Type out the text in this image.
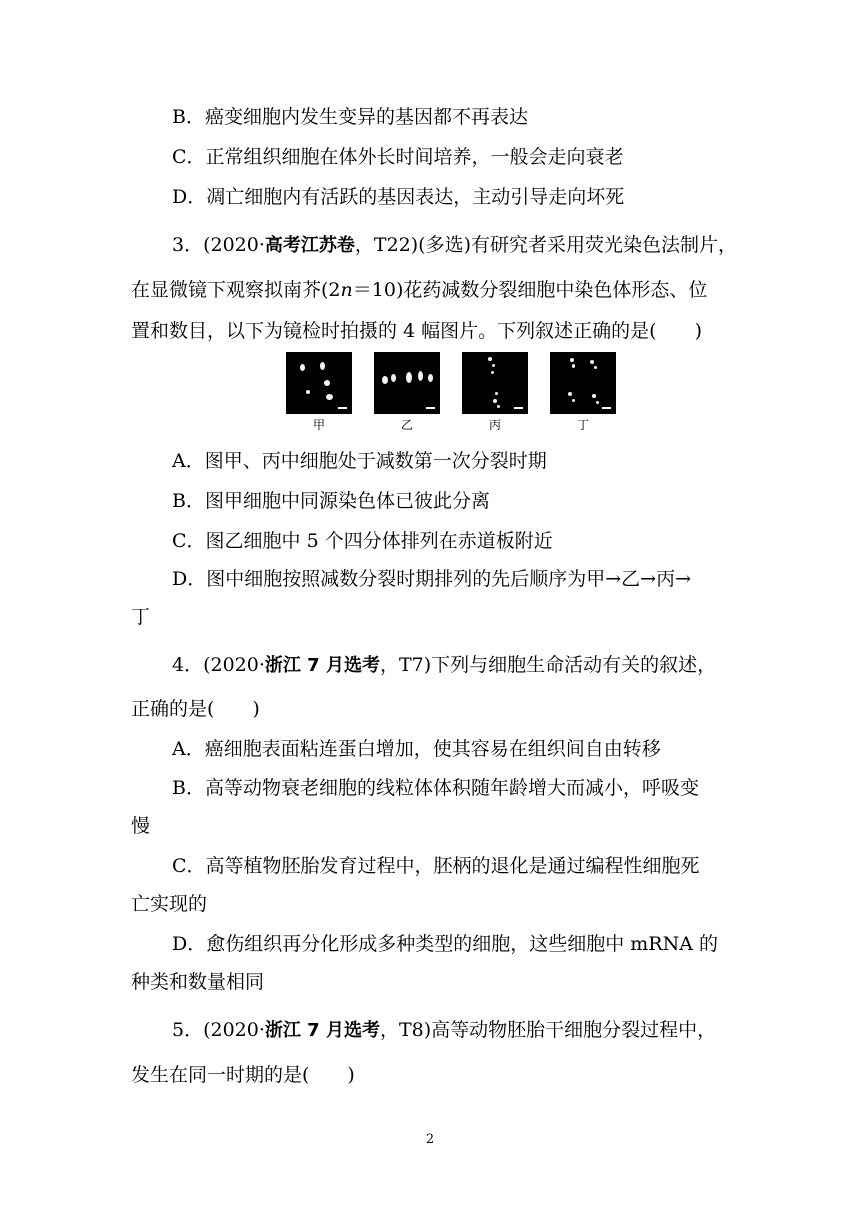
B．癌变细胞内发生变异的基因都不再表达
C．正常组织细胞在体外长时间培养，一般会走向衰老
D．凋亡细胞内有活跃的基因表达，主动引导走向坏死
3．(2020·高考江苏卷，T22)(多选)有研究者采用荧光染色法制片，
在显微镜下观察拟南芥(2n＝10)花药减数分裂细胞中染色体形态、位
置和数目，以下为镜检时拍摄的 4 幅图片。下列叙述正确的是(　　)
甲	乙	丙	丁
A．图甲、丙中细胞处于减数第一次分裂时期
B．图甲细胞中同源染色体已彼此分离
C．图乙细胞中 5 个四分体排列在赤道板附近
D．图中细胞按照减数分裂时期排列的先后顺序为甲→乙→丙→
丁
4．(2020·浙江 7 月选考，T7)下列与细胞生命活动有关的叙述，
正确的是(　　)
A．癌细胞表面粘连蛋白增加，使其容易在组织间自由转移
B．高等动物衰老细胞的线粒体体积随年龄增大而减小，呼吸变
慢
C．高等植物胚胎发育过程中，胚柄的退化是通过编程性细胞死
亡实现的
D．愈伤组织再分化形成多种类型的细胞，这些细胞中 mRNA 的
种类和数量相同
5．(2020·浙江 7 月选考，T8)高等动物胚胎干细胞分裂过程中，
发生在同一时期的是(　　)
2
